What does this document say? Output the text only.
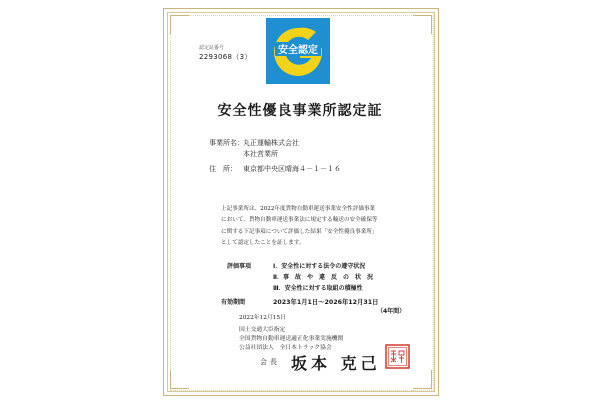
認定証番号
2293068（3）
安全認定
安全性優良事業所認定証
事業所名：丸正運輸株式会社
本社営業所
住　所： 東京都中央区晴海４－１－１６
上記事業所は、2022年度貨物自動車運送事業安全性評価事業
において、貨物自動車運送事業法に規定する輸送の安全確保等
に関する下記事項について評価した結果「安全性優良事業所」
として認定したことを証します。
評価事項	Ⅰ．安全性に対する法令の遵守状況
Ⅱ．事　故　や　違　反　の　状　況
Ⅲ．安全性に対する取組の積極性
有効期間	2023年1月1日～2026年12月31日
（4年間）
2022年12月15日
国土交通大臣指定
全国貨物自動車運送適正化事業実施機関
公益社団法人　全日本トラック協会
会長 坂本 克己
